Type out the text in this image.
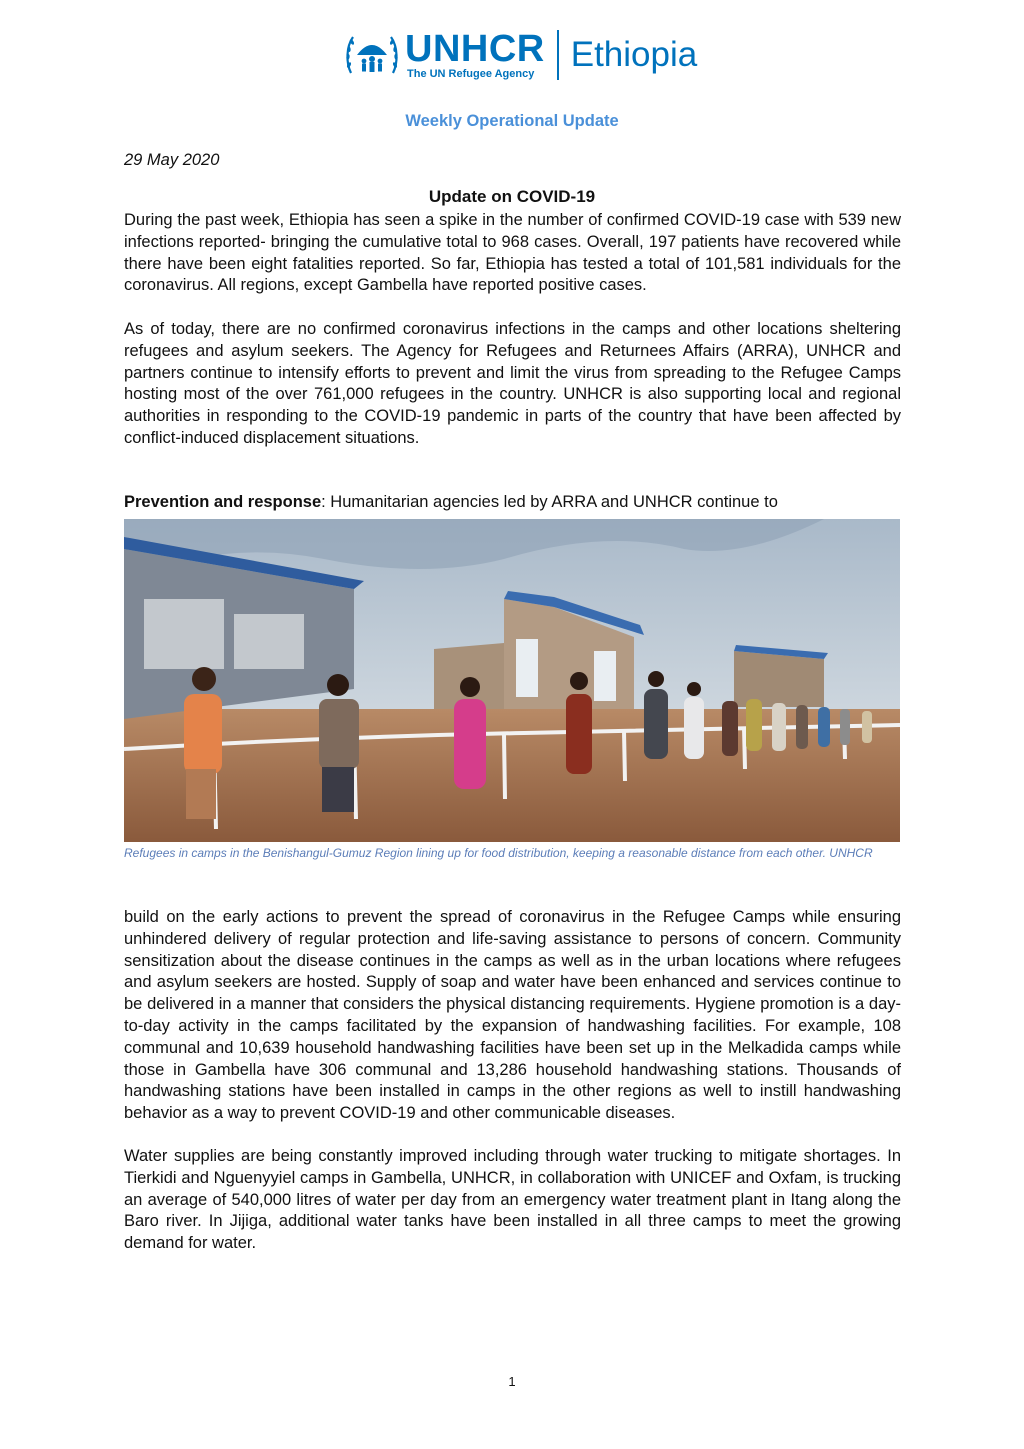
UNHCR
The UN Refugee Agency Ethiopia
Weekly Operational Update
29 May 2020
Update on COVID-19

During the past week, Ethiopia has seen a spike in the number of confirmed COVID-19 case with 539 new infections reported- bringing the cumulative total to 968 cases. Overall, 197 patients have recovered while there have been eight fatalities reported. So far, Ethiopia has tested a total of 101,581 individuals for the coronavirus. All regions, except Gambella have reported positive cases.

As of today, there are no confirmed coronavirus infections in the camps and other locations sheltering refugees and asylum seekers. The Agency for Refugees and Returnees Affairs (ARRA), UNHCR and partners continue to intensify efforts to prevent and limit the virus from spreading to the Refugee Camps hosting most of the over 761,000 refugees in the country. UNHCR is also supporting local and regional authorities in responding to the COVID-19 pandemic in parts of the country that have been affected by conflict-induced displacement situations.

Prevention and response: Humanitarian agencies led by ARRA and UNHCR continue to

Refugees in camps in the Benishangul-Gumuz Region lining up for food distribution, keeping a reasonable distance from each other. UNHCR

build on the early actions to prevent the spread of coronavirus in the Refugee Camps while ensuring unhindered delivery of regular protection and life-saving assistance to persons of concern. Community sensitization about the disease continues in the camps as well as in the urban locations where refugees and asylum seekers are hosted. Supply of soap and water have been enhanced and services continue to be delivered in a manner that considers the physical distancing requirements. Hygiene promotion is a day-to-day activity in the camps facilitated by the expansion of handwashing facilities. For example, 108 communal and 10,639 household handwashing facilities have been set up in the Melkadida camps while those in Gambella have 306 communal and 13,286 household handwashing stations. Thousands of handwashing stations have been installed in camps in the other regions as well to instill handwashing behavior as a way to prevent COVID-19 and other communicable diseases.

Water supplies are being constantly improved including through water trucking to mitigate shortages. In Tierkidi and Nguenyyiel camps in Gambella, UNHCR, in collaboration with UNICEF and Oxfam, is trucking an average of 540,000 litres of water per day from an emergency water treatment plant in Itang along the Baro river. In Jijiga, additional water tanks have been installed in all three camps to meet the growing demand for water.

1
